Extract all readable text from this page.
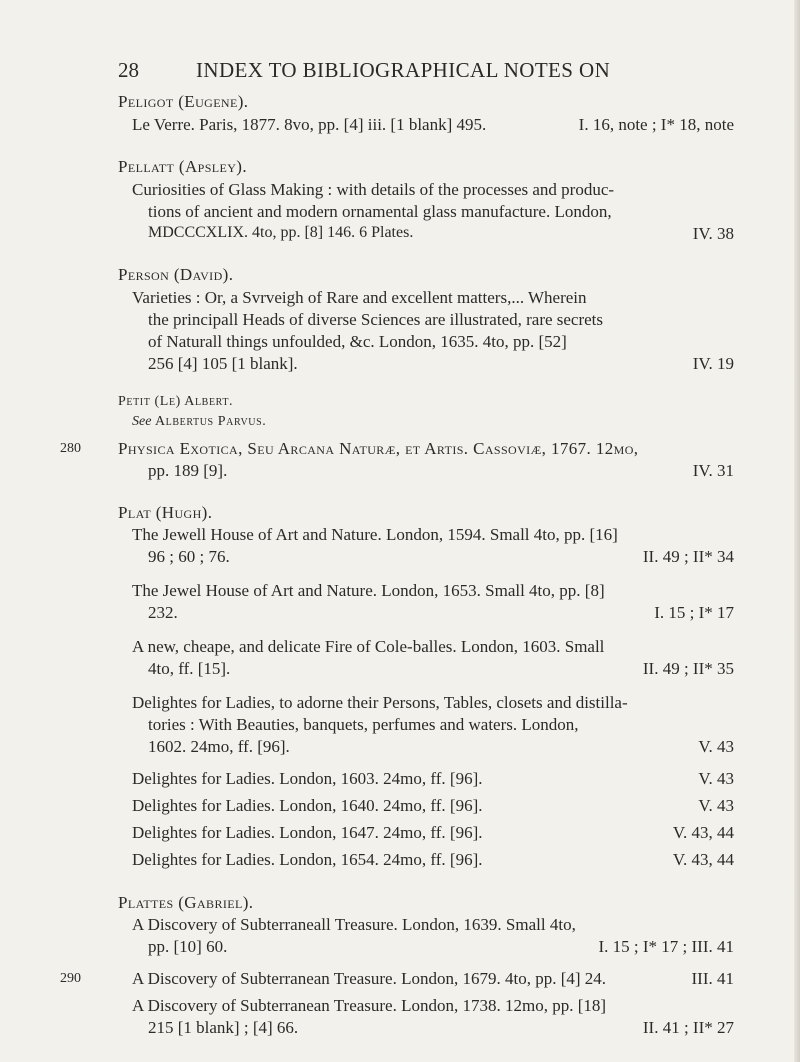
28	INDEX TO BIBLIOGRAPHICAL NOTES ON
Peligot (Eugene).
Le Verre. Paris, 1877. 8vo, pp. [4] iii. [1 blank] 495.	I. 16, note ; I* 18, note
Pellatt (Apsley).
Curiosities of Glass Making : with details of the processes and produc-
tions of ancient and modern ornamental glass manufacture. London,
MDCCCXLIX. 4to, pp. [8] 146. 6 Plates.	IV. 38
Person (David).
Varieties : Or, a Svrveigh of Rare and excellent matters,... Wherein
the principall Heads of diverse Sciences are illustrated, rare secrets
of Naturall things unfoulded, &c. London, 1635. 4to, pp. [52]
256 [4] 105 [1 blank].	IV. 19
Petit (Le) Albert.
See Albertus Parvus.
280 Physica Exotica, Seu Arcana Naturæ, et Artis. Cassoviæ, 1767. 12mo,
pp. 189 [9].	IV. 31
Plat (Hugh).
The Jewell House of Art and Nature. London, 1594. Small 4to, pp. [16]
96 ; 60 ; 76.	II. 49 ; II* 34
The Jewel House of Art and Nature. London, 1653. Small 4to, pp. [8]
232.	I. 15 ; I* 17
A new, cheape, and delicate Fire of Cole-balles. London, 1603. Small
4to, ff. [15].	II. 49 ; II* 35
Delightes for Ladies, to adorne their Persons, Tables, closets and distilla-
tories : With Beauties, banquets, perfumes and waters. London,
1602. 24mo, ff. [96].	V. 43
Delightes for Ladies. London, 1603. 24mo, ff. [96].	V. 43
Delightes for Ladies. London, 1640. 24mo, ff. [96].	V. 43
Delightes for Ladies. London, 1647. 24mo, ff. [96].	V. 43, 44
Delightes for Ladies. London, 1654. 24mo, ff. [96].	V. 43, 44
Plattes (Gabriel).
A Discovery of Subterraneall Treasure. London, 1639. Small 4to,
pp. [10] 60.	I. 15 ; I* 17 ; III. 41
290	A Discovery of Subterranean Treasure. London, 1679. 4to, pp. [4] 24.	III. 41
A Discovery of Subterranean Treasure. London, 1738. 12mo, pp. [18]
215 [1 blank] ; [4] 66.	II. 41 ; II* 27
